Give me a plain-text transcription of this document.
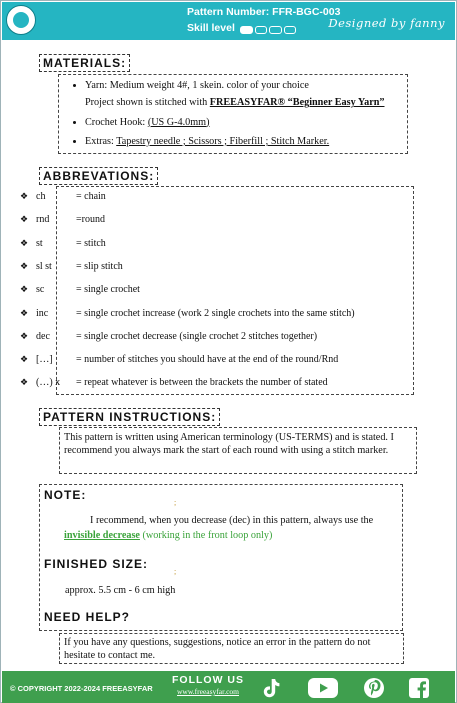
Pattern Number: FFR-BGC-003
Skill level	Designed by fanny
MATERIALS:
• Yarn: Medium weight 4#, 1 skein. color of your choice
Project shown is stitched with FREEASYFAR® “Beginner Easy Yarn”
• Crochet Hook: (US G-4.0mm)
• Extras: Tapestry needle ; Scissors ; Fiberfill ; Stitch Marker.
ABBREVATIONS:
❖ ch	= chain
❖ rnd	=round
❖ st	= stitch
❖ sl st	= slip stitch
❖ sc	= single crochet
❖ inc	= single crochet increase (work 2 single crochets into the same stitch)
❖ dec	= single crochet decrease (single crochet 2 stitches together)
❖ […]	= number of stitches you should have at the end of the round/Rnd
❖ (…) x	= repeat whatever is between the brackets the number of stated
PATTERN INSTRUCTIONS:
This pattern is written using American terminology (US-TERMS) and is stated. I recommend you always mark the start of each round with using a stitch marker.
NOTE:
;
I recommend, when you decrease (dec) in this pattern, always use the
invisible decrease (working in the front loop only)
FINISHED SIZE:
;
approx. 5.5 cm - 6 cm high
NEED HELP?
If you have any questions, suggestions, notice an error in the pattern do not hesitate to contact me.
© COPYRIGHT 2022-2024 FREEASYFAR
FOLLOW US
www.freeasyfar.com
